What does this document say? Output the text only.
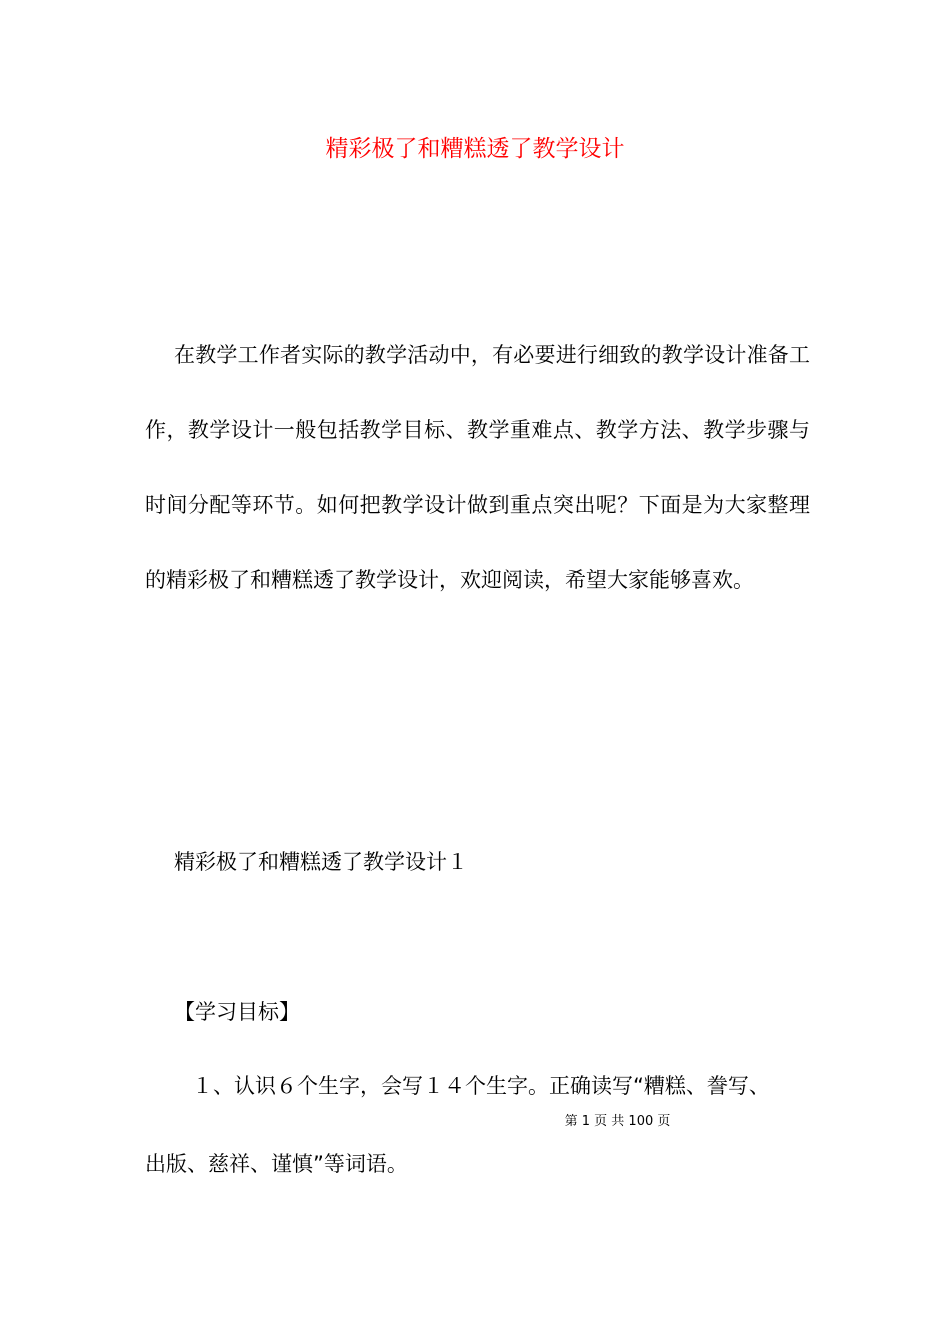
精彩极了和糟糕透了教学设计

在教学工作者实际的教学活动中，有必要进行细致的教学设计准备工作，教学设计一般包括教学目标、教学重难点、教学方法、教学步骤与时间分配等环节。如何把教学设计做到重点突出呢？下面是为大家整理的精彩极了和糟糕透了教学设计，欢迎阅读，希望大家能够喜欢。

精彩极了和糟糕透了教学设计１

【学习目标】

１、认识６个生字，会写１４个生字。正确读写“糟糕、誊写、

第 1 页 共 100 页

出版、慈祥、谨慎”等词语。
